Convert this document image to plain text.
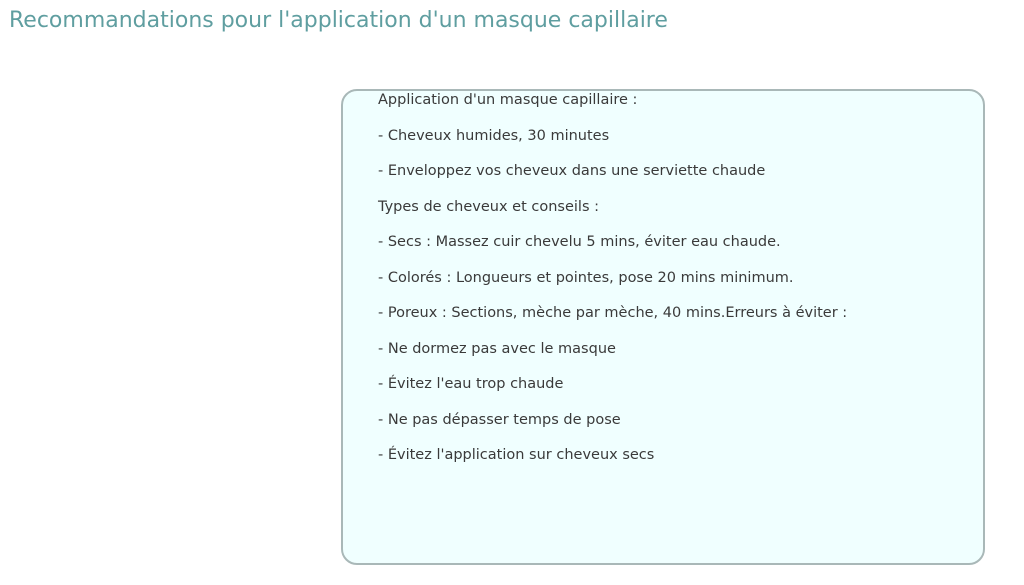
Recommandations pour l'application d'un masque capillaire
Application d'un masque capillaire :
- Cheveux humides, 30 minutes
- Enveloppez vos cheveux dans une serviette chaude
Types de cheveux et conseils :
- Secs : Massez cuir chevelu 5 mins, éviter eau chaude.
- Colorés : Longueurs et pointes, pose 20 mins minimum.
- Poreux : Sections, mèche par mèche, 40 mins.Erreurs à éviter :
- Ne dormez pas avec le masque
- Évitez l'eau trop chaude
- Ne pas dépasser temps de pose
- Évitez l'application sur cheveux secs
